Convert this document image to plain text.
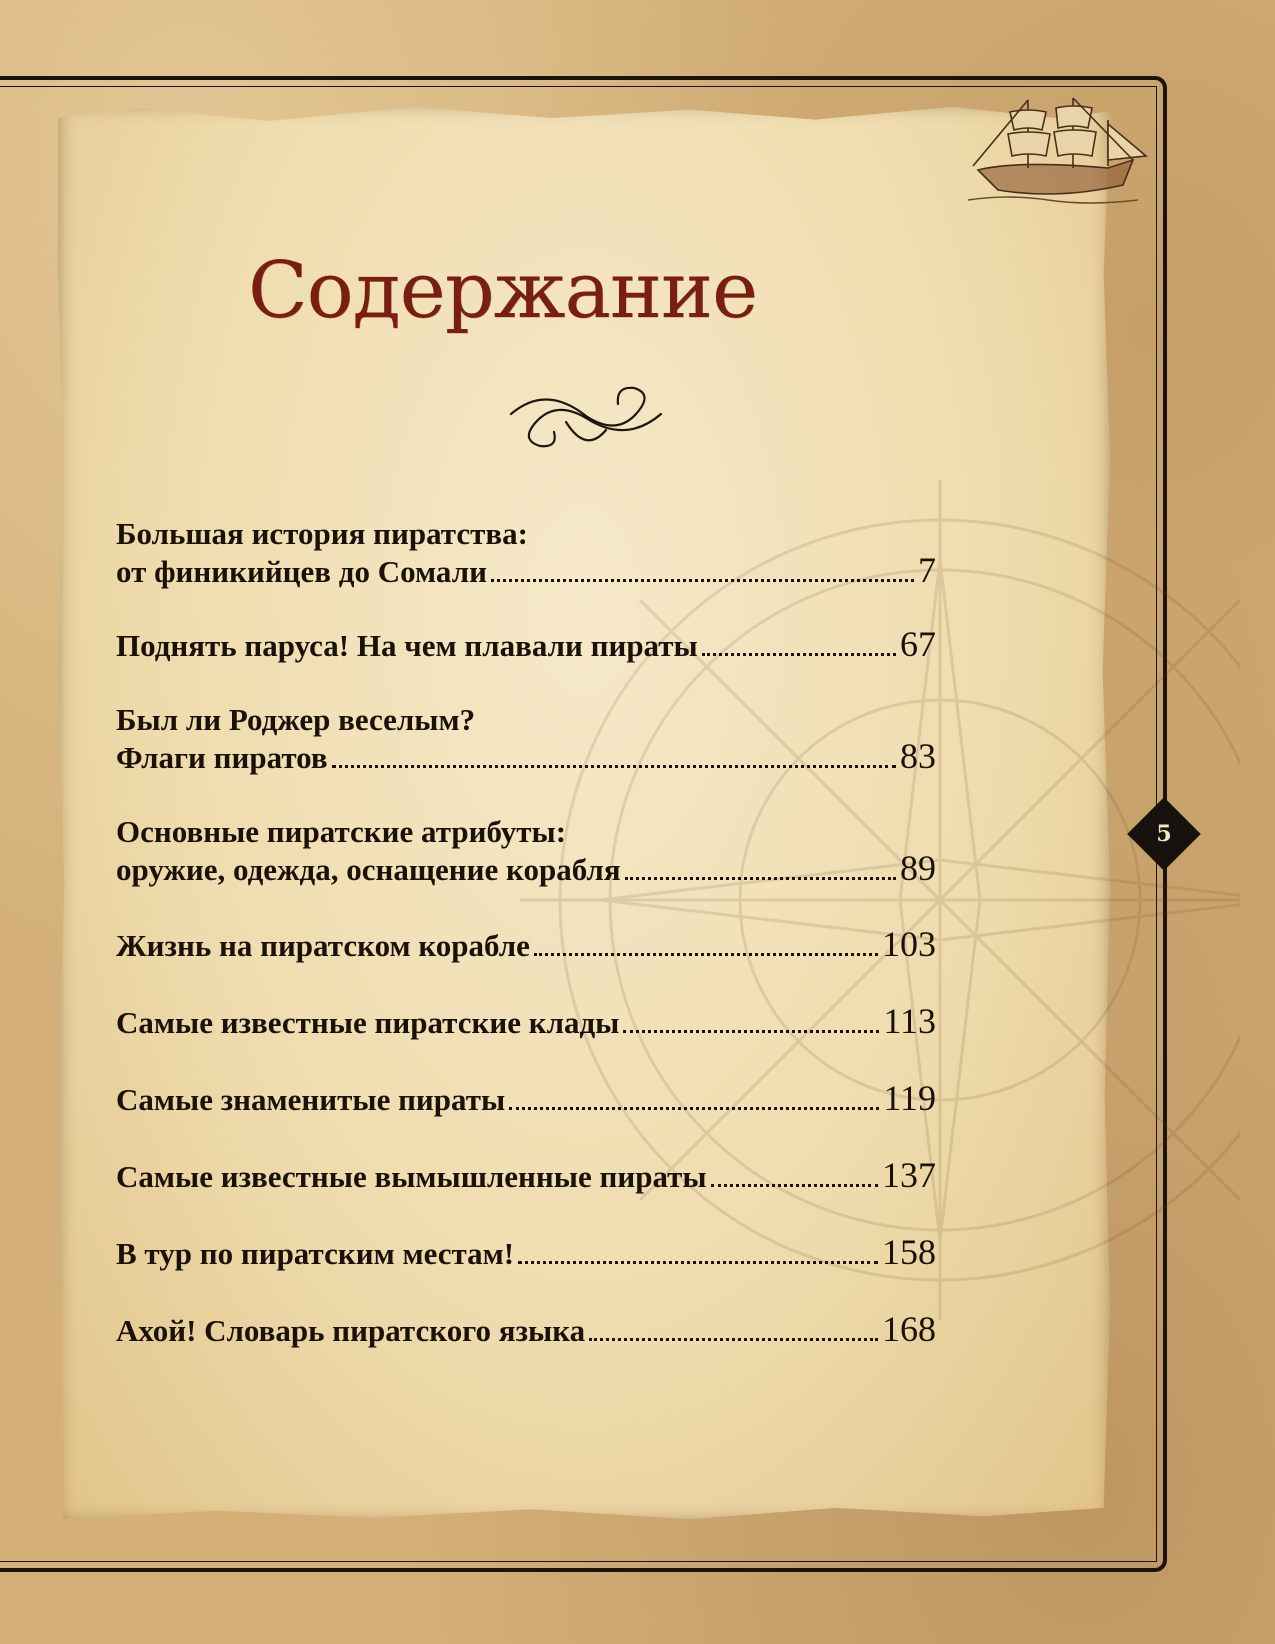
Содержание
Большая история пиратства:
от финикийцев до Сомали	7
Поднять паруса! На чем плавали пираты	67
Был ли Роджер веселым?
Флаги пиратов	83
Основные пиратские атрибуты:
оружие, одежда, оснащение корабля	89
Жизнь на пиратском корабле	103
Самые известные пиратские клады	113
Самые знаменитые пираты	119
Самые известные вымышленные пираты	137
В тур по пиратским местам!	158
Ахой! Словарь пиратского языка	168
5
